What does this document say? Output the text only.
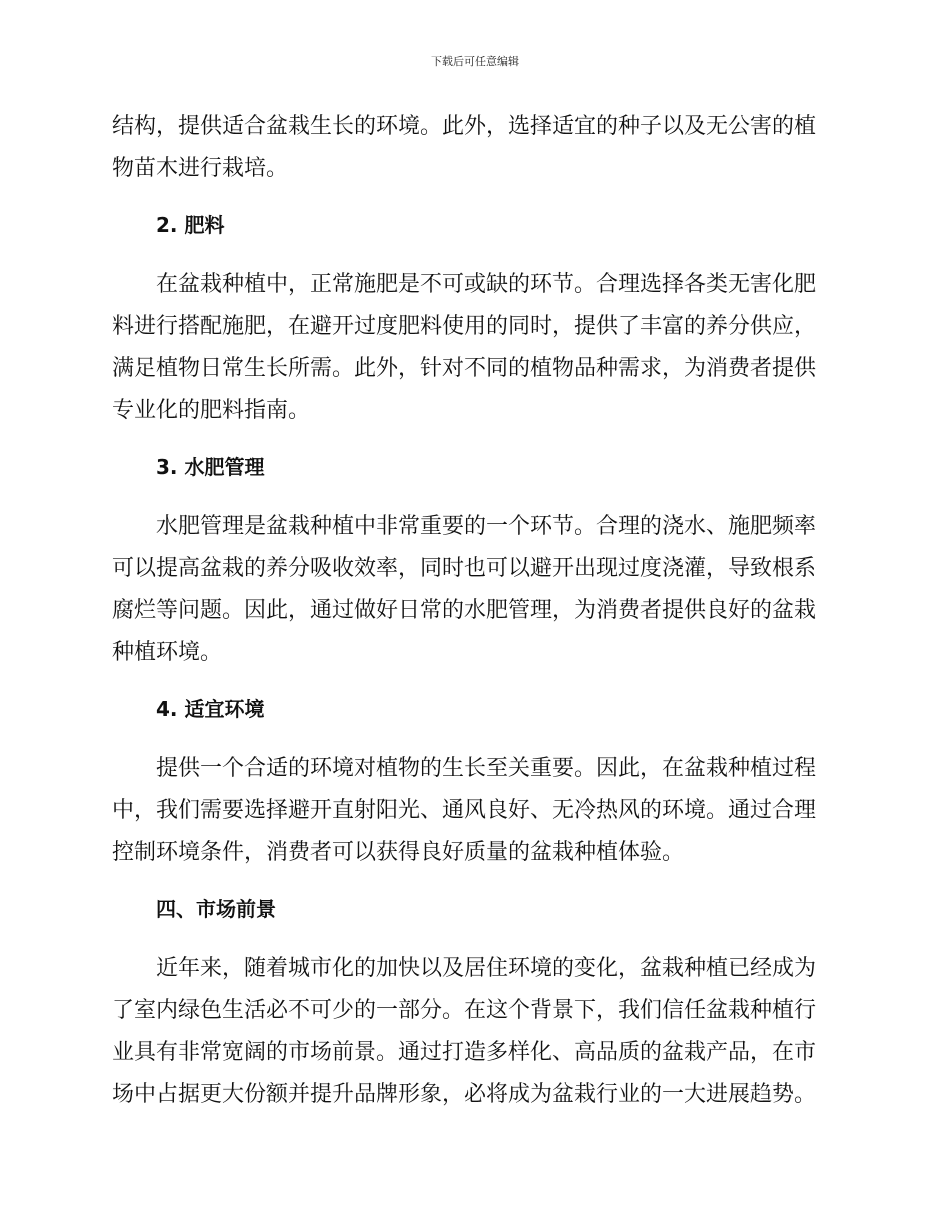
下载后可任意编辑

结构，提供适合盆栽生长的环境。此外，选择适宜的种子以及无公害的植物苗木进行栽培。

2. 肥料

在盆栽种植中，正常施肥是不可或缺的环节。合理选择各类无害化肥料进行搭配施肥，在避开过度肥料使用的同时，提供了丰富的养分供应，满足植物日常生长所需。此外，针对不同的植物品种需求，为消费者提供专业化的肥料指南。

3. 水肥管理

水肥管理是盆栽种植中非常重要的一个环节。合理的浇水、施肥频率可以提高盆栽的养分吸收效率，同时也可以避开出现过度浇灌，导致根系腐烂等问题。因此，通过做好日常的水肥管理，为消费者提供良好的盆栽种植环境。

4. 适宜环境

提供一个合适的环境对植物的生长至关重要。因此，在盆栽种植过程中，我们需要选择避开直射阳光、通风良好、无冷热风的环境。通过合理控制环境条件，消费者可以获得良好质量的盆栽种植体验。

四、市场前景

近年来，随着城市化的加快以及居住环境的变化，盆栽种植已经成为了室内绿色生活必不可少的一部分。在这个背景下，我们信任盆栽种植行业具有非常宽阔的市场前景。通过打造多样化、高品质的盆栽产品，在市场中占据更大份额并提升品牌形象，必将成为盆栽行业的一大进展趋势。
